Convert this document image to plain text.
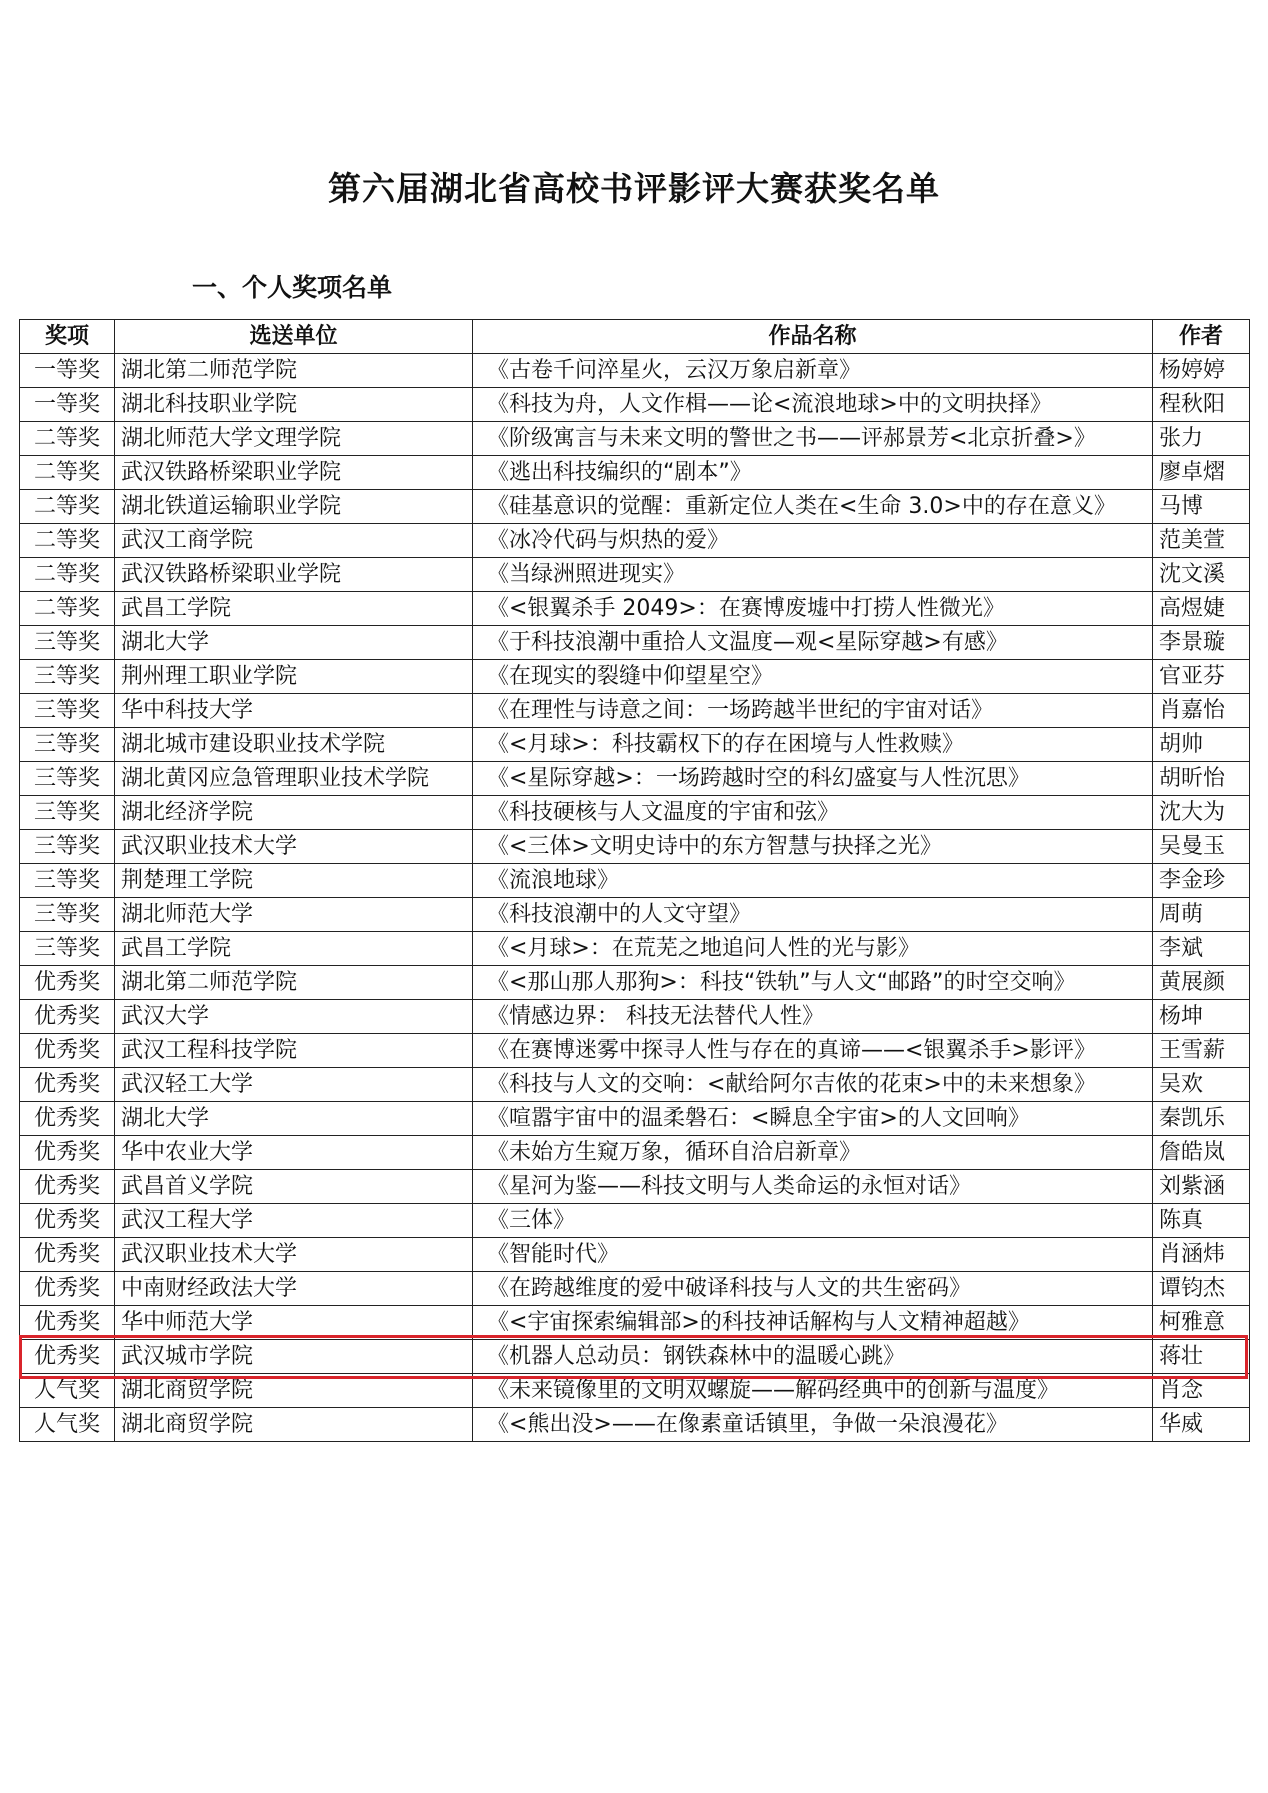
第六届湖北省高校书评影评大赛获奖名单
一、个人奖项名单
奖项	选送单位	作品名称	作者
一等奖	湖北第二师范学院	《古卷千问淬星火，云汉万象启新章》	杨婷婷
一等奖	湖北科技职业学院	《科技为舟，人文作楫——论<流浪地球>中的文明抉择》	程秋阳
二等奖	湖北师范大学文理学院	《阶级寓言与未来文明的警世之书——评郝景芳<北京折叠>》	张力
二等奖	武汉铁路桥梁职业学院	《逃出科技编织的“剧本”》	廖卓熠
二等奖	湖北铁道运输职业学院	《硅基意识的觉醒：重新定位人类在<生命 3.0>中的存在意义》	马博
二等奖	武汉工商学院	《冰冷代码与炽热的爱》	范美萱
二等奖	武汉铁路桥梁职业学院	《当绿洲照进现实》	沈文溪
二等奖	武昌工学院	《<银翼杀手 2049>：在赛博废墟中打捞人性微光》	高煜婕
三等奖	湖北大学	《于科技浪潮中重拾人文温度—观<星际穿越>有感》	李景璇
三等奖	荆州理工职业学院	《在现实的裂缝中仰望星空》	官亚芬
三等奖	华中科技大学	《在理性与诗意之间：一场跨越半世纪的宇宙对话》	肖嘉怡
三等奖	湖北城市建设职业技术学院	《<月球>：科技霸权下的存在困境与人性救赎》	胡帅
三等奖	湖北黄冈应急管理职业技术学院	《<星际穿越>：一场跨越时空的科幻盛宴与人性沉思》	胡昕怡
三等奖	湖北经济学院	《科技硬核与人文温度的宇宙和弦》	沈大为
三等奖	武汉职业技术大学	《<三体>文明史诗中的东方智慧与抉择之光》	吴曼玉
三等奖	荆楚理工学院	《流浪地球》	李金珍
三等奖	湖北师范大学	《科技浪潮中的人文守望》	周萌
三等奖	武昌工学院	《<月球>：在荒芜之地追问人性的光与影》	李斌
优秀奖	湖北第二师范学院	《<那山那人那狗>：科技“铁轨”与人文“邮路”的时空交响》	黄展颜
优秀奖	武汉大学	《情感边界： 科技无法替代人性》	杨坤
优秀奖	武汉工程科技学院	《在赛博迷雾中探寻人性与存在的真谛——<银翼杀手>影评》	王雪薪
优秀奖	武汉轻工大学	《科技与人文的交响：<献给阿尔吉侬的花束>中的未来想象》	吴欢
优秀奖	湖北大学	《喧嚣宇宙中的温柔磐石：<瞬息全宇宙>的人文回响》	秦凯乐
优秀奖	华中农业大学	《未始方生窥万象，循环自洽启新章》	詹皓岚
优秀奖	武昌首义学院	《星河为鉴——科技文明与人类命运的永恒对话》	刘紫涵
优秀奖	武汉工程大学	《三体》	陈真
优秀奖	武汉职业技术大学	《智能时代》	肖涵炜
优秀奖	中南财经政法大学	《在跨越维度的爱中破译科技与人文的共生密码》	谭钧杰
优秀奖	华中师范大学	《<宇宙探索编辑部>的科技神话解构与人文精神超越》	柯雅意
优秀奖	武汉城市学院	《机器人总动员：钢铁森林中的温暖心跳》	蒋壮
人气奖	湖北商贸学院	《未来镜像里的文明双螺旋——解码经典中的创新与温度》	肖念
人气奖	湖北商贸学院	《<熊出没>——在像素童话镇里，争做一朵浪漫花》	华威
